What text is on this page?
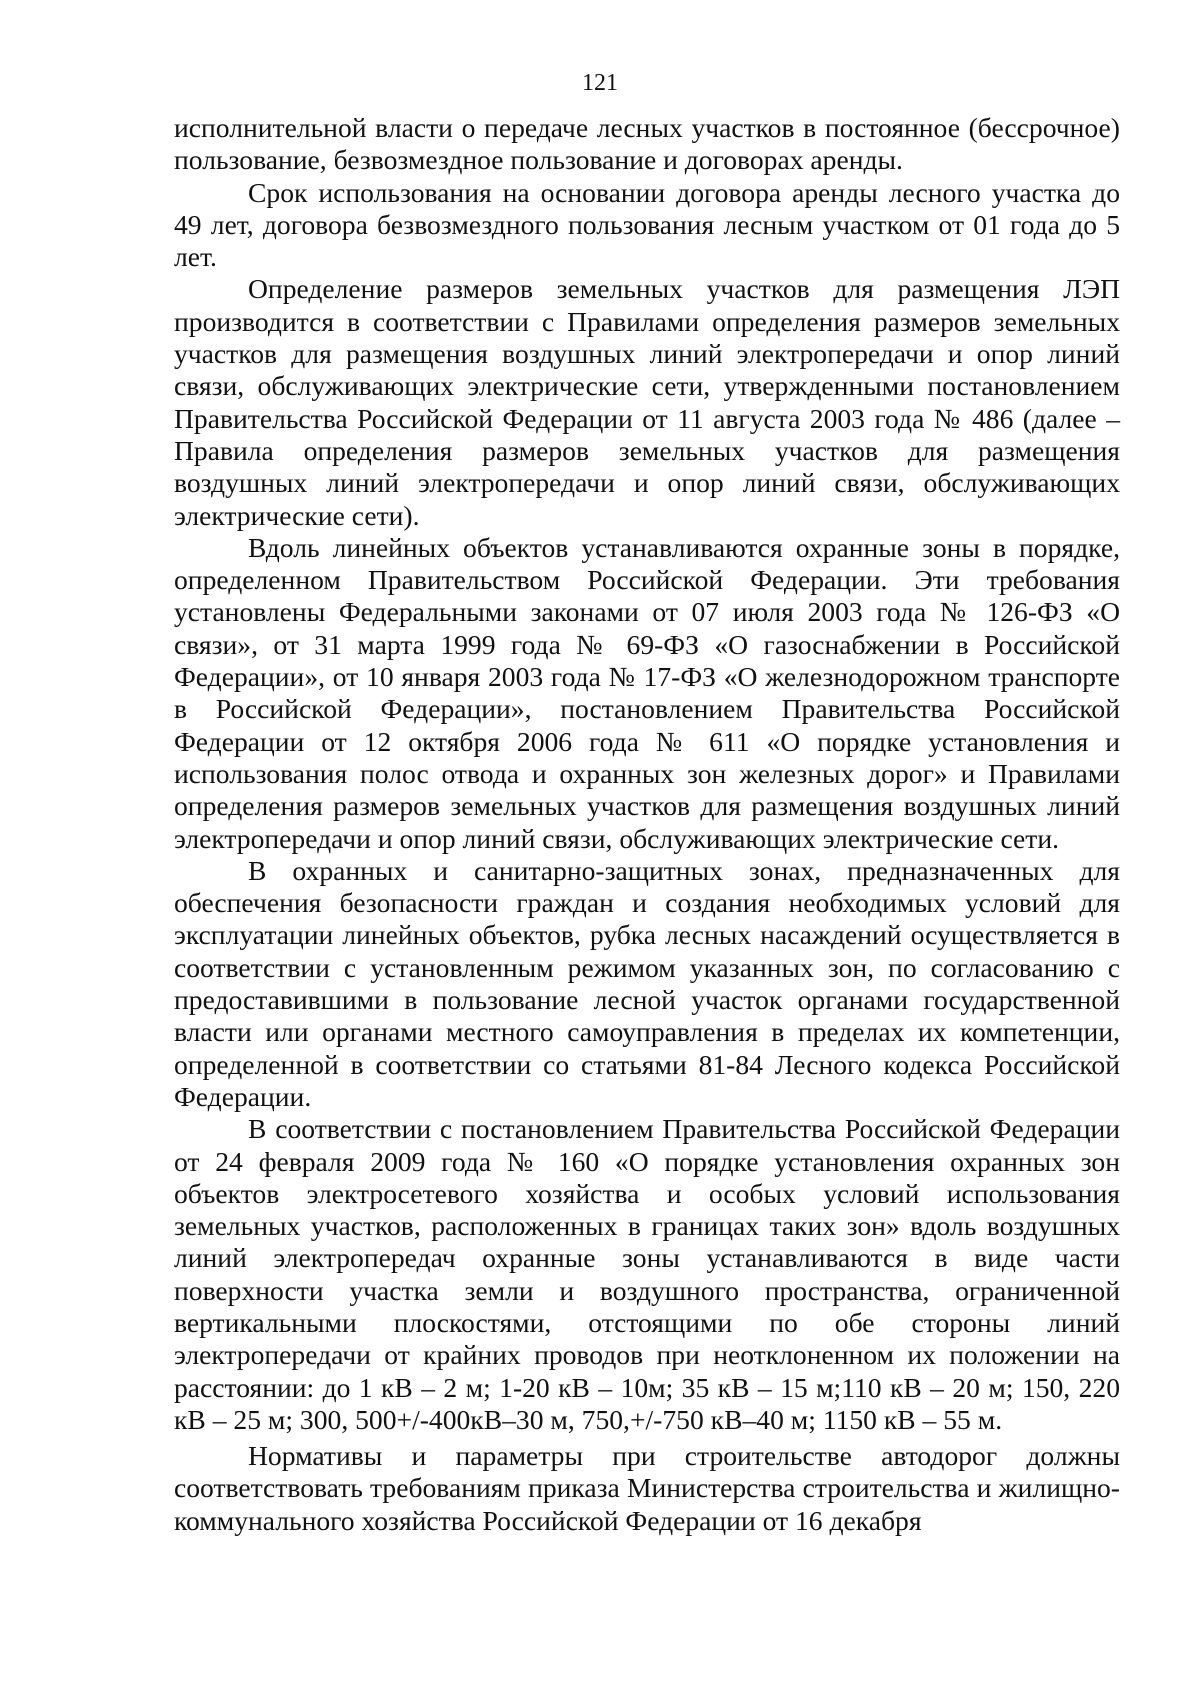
121

исполнительной власти о передаче лесных участков в постоянное (бессрочное) пользование, безвозмездное пользование и договорах аренды.

Срок использования на основании договора аренды лесного участка до 49 лет, договора безвозмездного пользования лесным участком от 01 года до 5 лет.

Определение размеров земельных участков для размещения ЛЭП производится в соответствии с Правилами определения размеров земельных участков для размещения воздушных линий электропередачи и опор линий связи, обслуживающих электрические сети, утвержденными постановлением Правительства Российской Федерации от 11 августа 2003 года № 486 (далее – Правила определения размеров земельных участков для размещения воздушных линий электропередачи и опор линий связи, обслуживающих электрические сети).

Вдоль линейных объектов устанавливаются охранные зоны в порядке, определенном Правительством Российской Федерации. Эти требования установлены Федеральными законами от 07 июля 2003 года № 126-ФЗ «О связи», от 31 марта 1999 года № 69-ФЗ «О газоснабжении в Российской Федерации», от 10 января 2003 года № 17-ФЗ «О железнодорожном транспорте в Российской Федерации», постановлением Правительства Российской Федерации от 12 октября 2006 года № 611 «О порядке установления и использования полос отвода и охранных зон железных дорог» и Правилами определения размеров земельных участков для размещения воздушных линий электропередачи и опор линий связи, обслуживающих электрические сети.

В охранных и санитарно-защитных зонах, предназначенных для обеспечения безопасности граждан и создания необходимых условий для эксплуатации линейных объектов, рубка лесных насаждений осуществляется в соответствии с установленным режимом указанных зон, по согласованию с предоставившими в пользование лесной участок органами государственной власти или органами местного самоуправления в пределах их компетенции, определенной в соответствии со статьями 81-84 Лесного кодекса Российской Федерации.

В соответствии с постановлением Правительства Российской Федерации от 24 февраля 2009 года № 160 «О порядке установления охранных зон объектов электросетевого хозяйства и особых условий использования земельных участков, расположенных в границах таких зон» вдоль воздушных линий электропередач охранные зоны устанавливаются в виде части поверхности участка земли и воздушного пространства, ограниченной вертикальными плоскостями, отстоящими по обе стороны линий электропередачи от крайних проводов при неотклоненном их положении на расстоянии: до 1 кВ – 2 м; 1-20 кВ – 10м; 35 кВ – 15 м;110 кВ – 20 м; 150, 220 кВ – 25 м; 300, 500+/-400кВ–30 м, 750,+/-750 кВ–40 м; 1150 кВ – 55 м.

Нормативы и параметры при строительстве автодорог должны соответствовать требованиям приказа Министерства строительства и жилищно-коммунального хозяйства Российской Федерации от 16 декабря
